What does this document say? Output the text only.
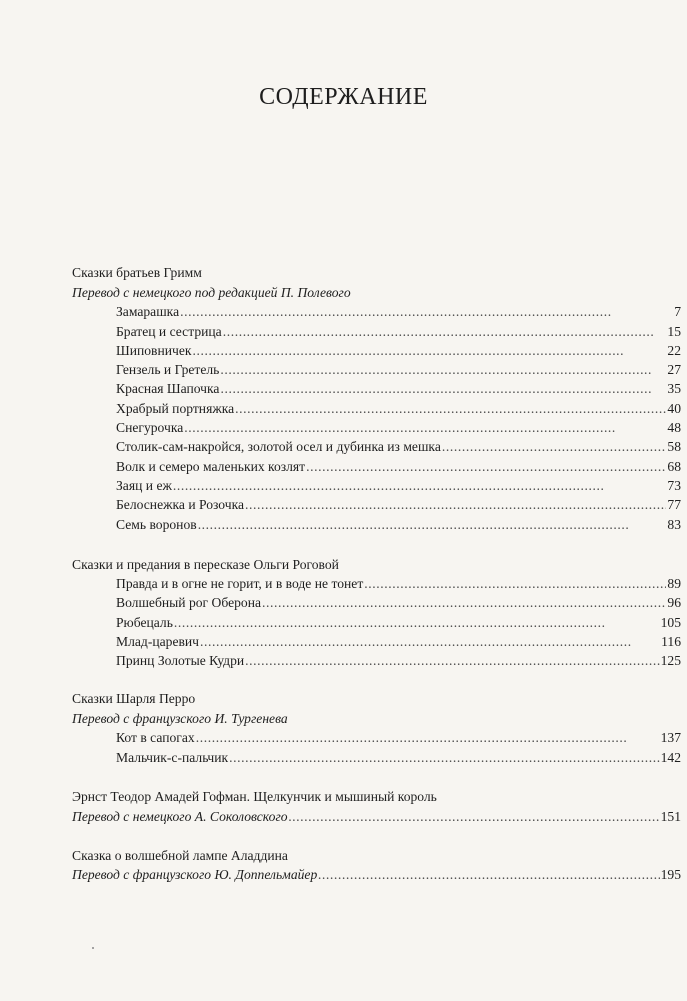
СОДЕРЖАНИЕ
Сказки братьев Гримм
Перевод с немецкого под редакцией П. Полевого
Замарашка . . .	7
Братец и сестрица . . .	15
Шиповничек . . .	22
Гензель и Гретель . . .	27
Красная Шапочка . . .	35
Храбрый портняжка . . .	40
Снегурочка . . .	48
Столик-сам-накройся, золотой осел и дубинка из мешка . . .	58
Волк и семеро маленьких козлят . . .	68
Заяц и еж . . .	73
Белоснежка и Розочка . . .	77
Семь воронов . . .	83
Сказки и предания в пересказе Ольги Роговой
Правда и в огне не горит, и в воде не тонет . . .	89
Волшебный рог Оберона . . .	96
Рюбецаль . . .	105
Млад-царевич . . .	116
Принц Золотые Кудри . . .	125
Сказки Шарля Перро
Перевод с французского И. Тургенева
Кот в сапогах . . .	137
Мальчик-с-пальчик . . .	142
Эрнст Теодор Амадей Гофман. Щелкунчик и мышиный король
Перевод с немецкого А. Соколовского . . .	151
Сказка о волшебной лампе Аладдина
Перевод с французского Ю. Доппельмайер . . .	195
